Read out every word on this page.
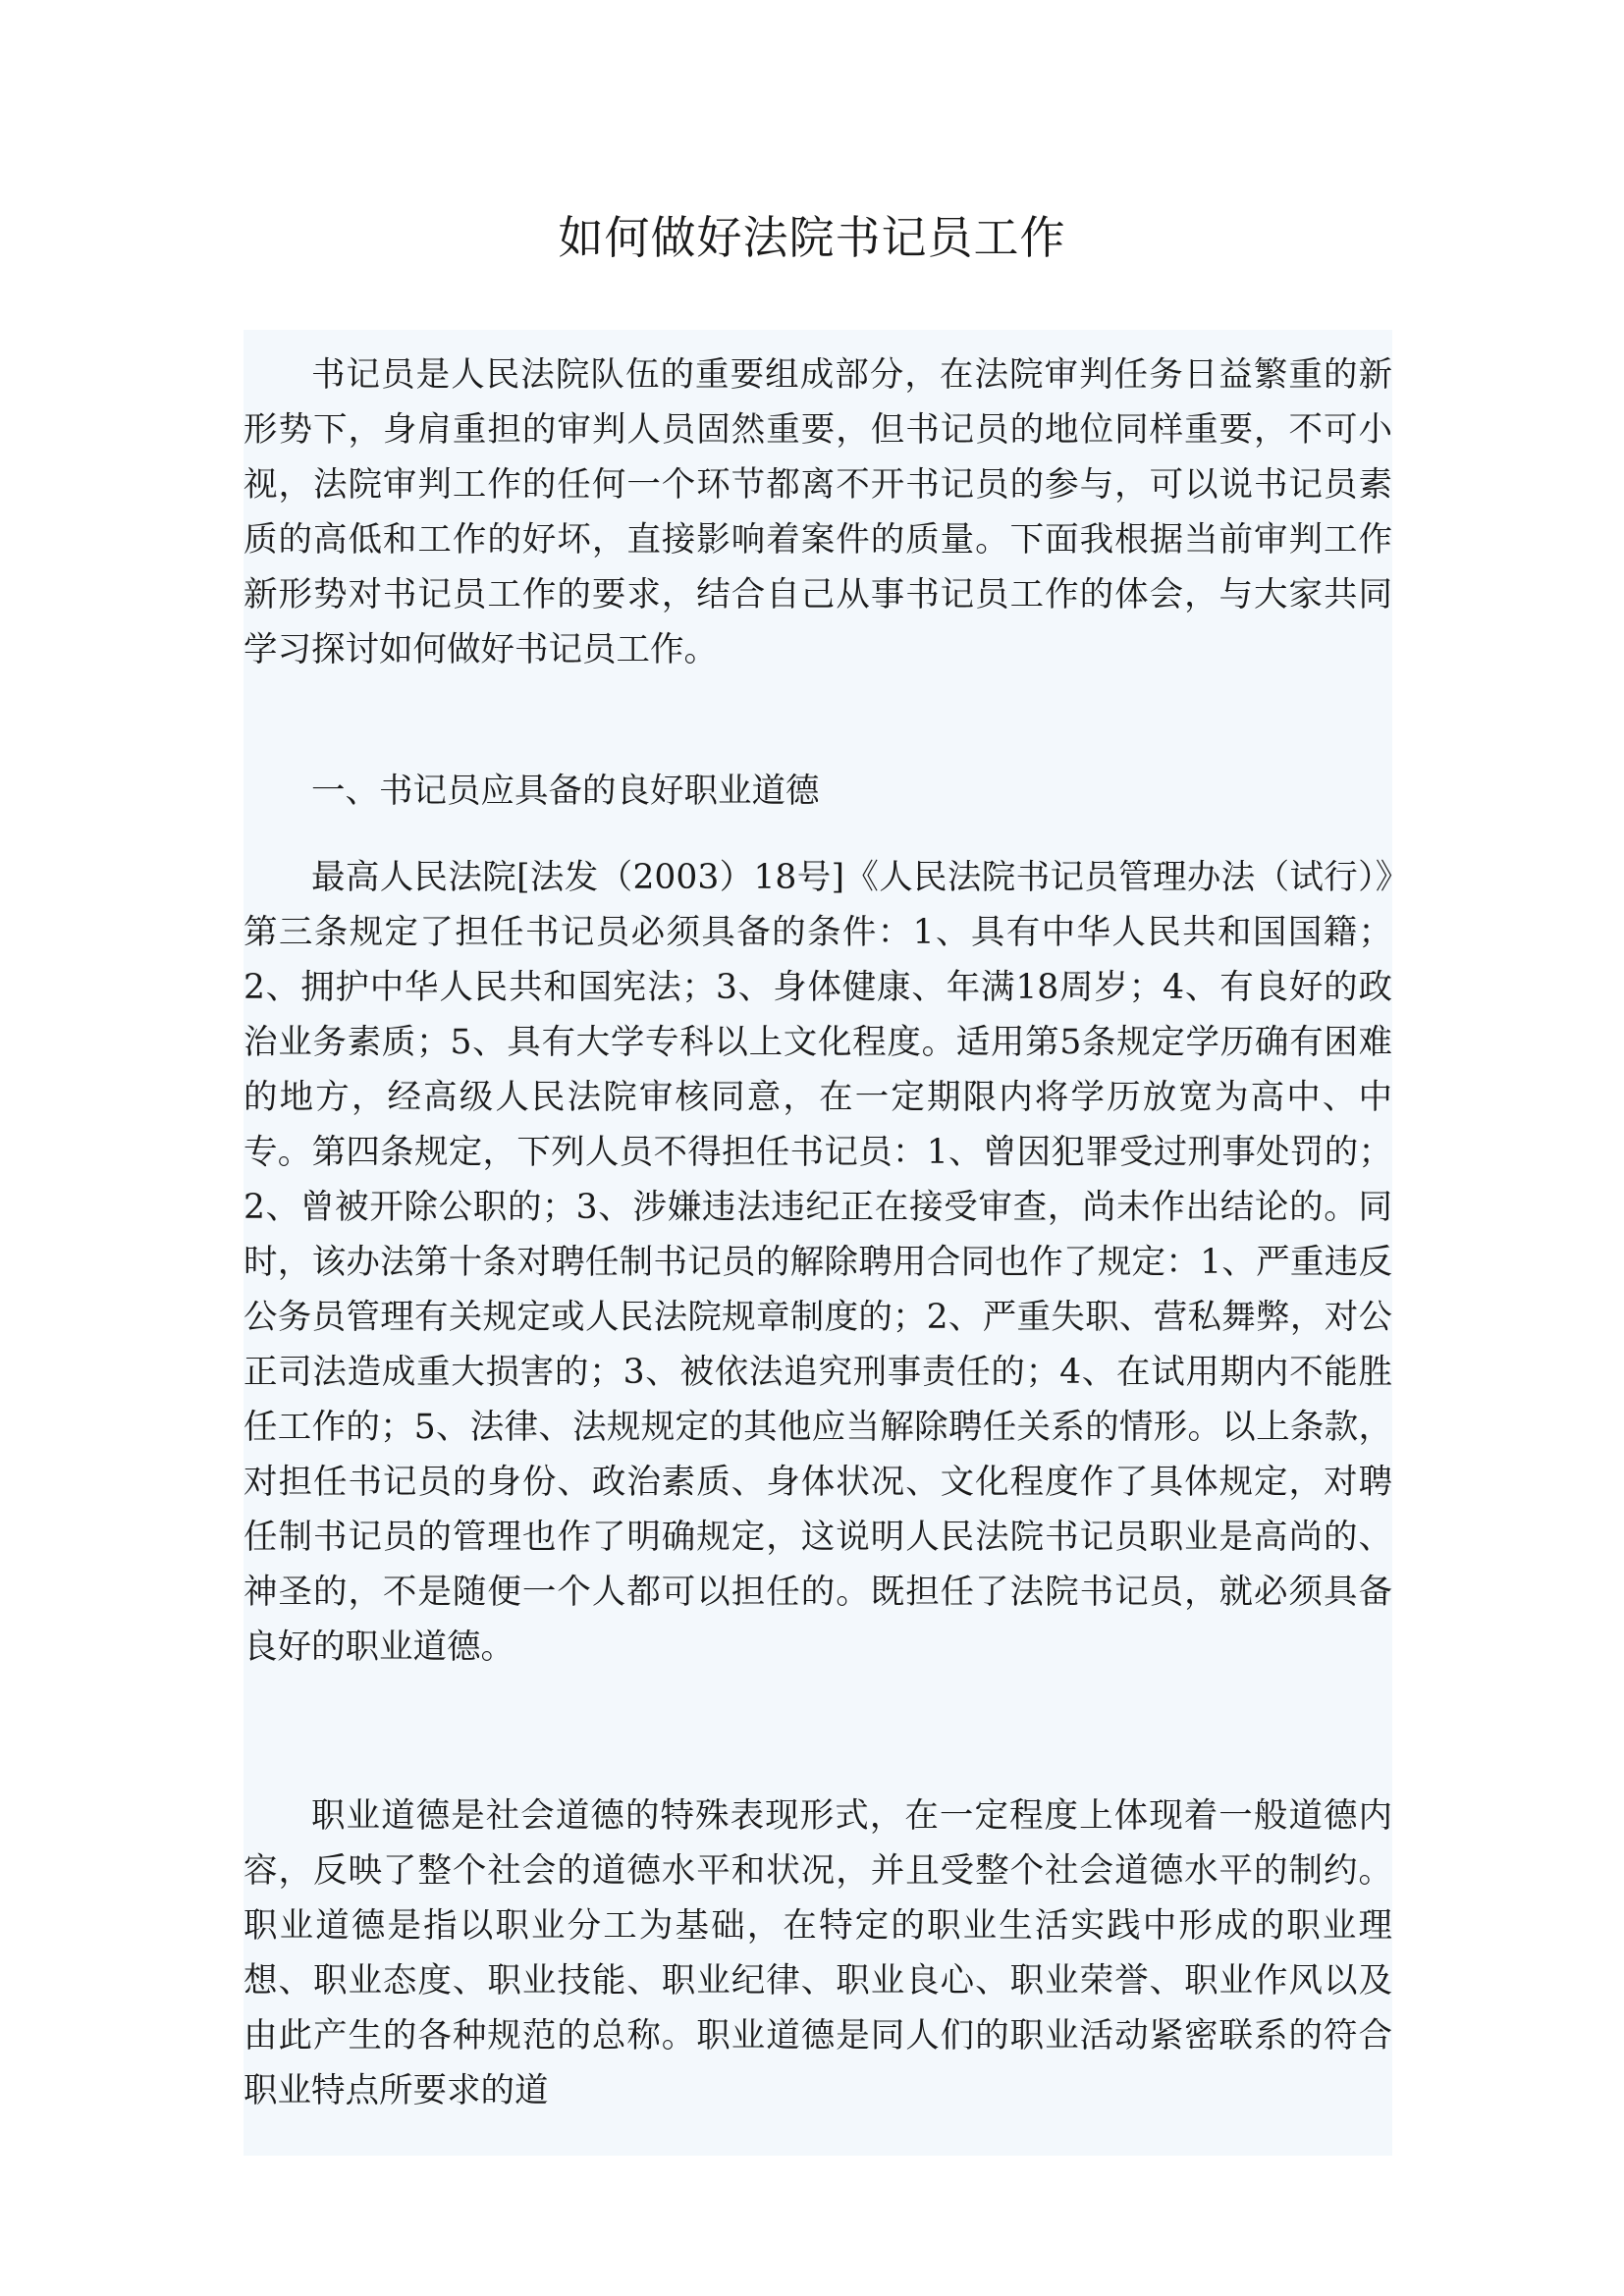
如何做好法院书记员工作

书记员是人民法院队伍的重要组成部分，在法院审判任务日益繁重的新形势下，身肩重担的审判人员固然重要，但书记员的地位同样重要，不可小视，法院审判工作的任何一个环节都离不开书记员的参与，可以说书记员素质的高低和工作的好坏，直接影响着案件的质量。下面我根据当前审判工作新形势对书记员工作的要求，结合自己从事书记员工作的体会，与大家共同学习探讨如何做好书记员工作。

一、书记员应具备的良好职业道德

最高人民法院[法发（2003）18号]《人民法院书记员管理办法（试行）》第三条规定了担任书记员必须具备的条件：1、具有中华人民共和国国籍；2、拥护中华人民共和国宪法；3、身体健康、年满18周岁；4、有良好的政治业务素质；5、具有大学专科以上文化程度。适用第5条规定学历确有困难的地方，经高级人民法院审核同意，在一定期限内将学历放宽为高中、中专。第四条规定，下列人员不得担任书记员：1、曾因犯罪受过刑事处罚的；2、曾被开除公职的；3、涉嫌违法违纪正在接受审查，尚未作出结论的。同时，该办法第十条对聘任制书记员的解除聘用合同也作了规定：1、严重违反公务员管理有关规定或人民法院规章制度的；2、严重失职、营私舞弊，对公正司法造成重大损害的；3、被依法追究刑事责任的；4、在试用期内不能胜任工作的；5、法律、法规规定的其他应当解除聘任关系的情形。以上条款，对担任书记员的身份、政治素质、身体状况、文化程度作了具体规定，对聘任制书记员的管理也作了明确规定，这说明人民法院书记员职业是高尚的、神圣的，不是随便一个人都可以担任的。既担任了法院书记员，就必须具备良好的职业道德。

职业道德是社会道德的特殊表现形式，在一定程度上体现着一般道德内容，反映了整个社会的道德水平和状况，并且受整个社会道德水平的制约。职业道德是指以职业分工为基础，在特定的职业生活实践中形成的职业理想、职业态度、职业技能、职业纪律、职业良心、职业荣誉、职业作风以及由此产生的各种规范的总称。职业道德是同人们的职业活动紧密联系的符合职业特点所要求的道
